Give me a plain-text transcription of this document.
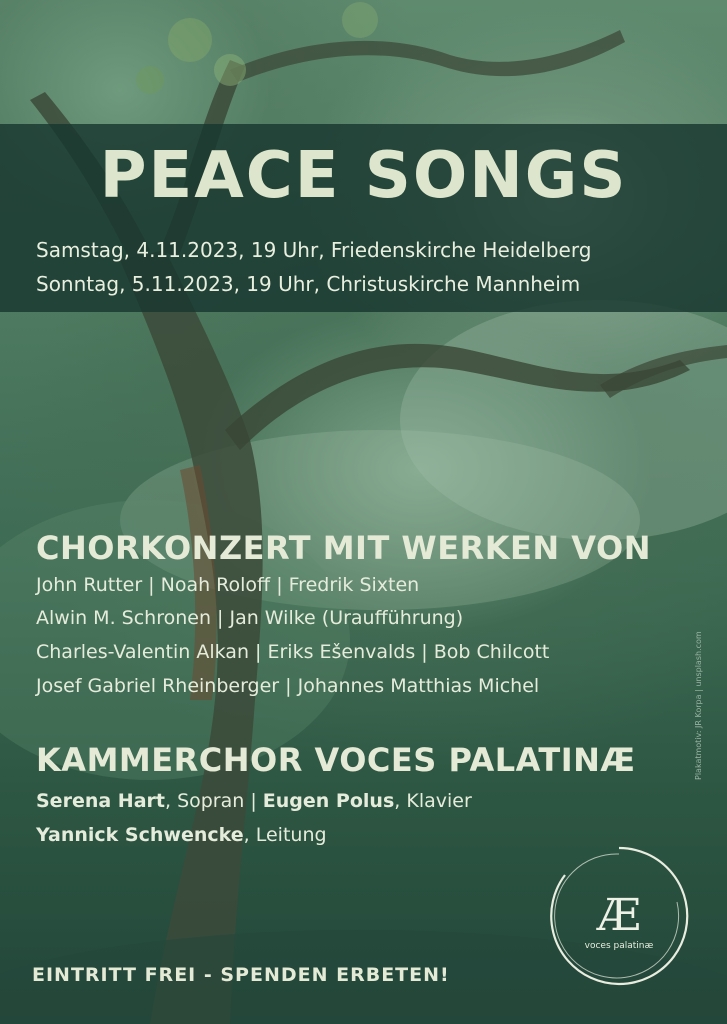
PEACE SONGS
Samstag, 4.11.2023, 19 Uhr, Friedenskirche Heidelberg
Sonntag, 5.11.2023, 19 Uhr, Christuskirche Mannheim
CHORKONZERT MIT WERKEN VON
John Rutter | Noah Roloff | Fredrik Sixten
Alwin M. Schronen | Jan Wilke (Uraufführung)
Charles-Valentin Alkan | Eriks Ešenvalds | Bob Chilcott
Josef Gabriel Rheinberger | Johannes Matthias Michel
KAMMERCHOR VOCES PALATINÆ
Serena Hart, Sopran | Eugen Polus, Klavier
Yannick Schwencke, Leitung
Plakatmotiv: JR Korpa | unsplash.com
Æ
voces palatinæ
EINTRITT FREI - SPENDEN ERBETEN!
